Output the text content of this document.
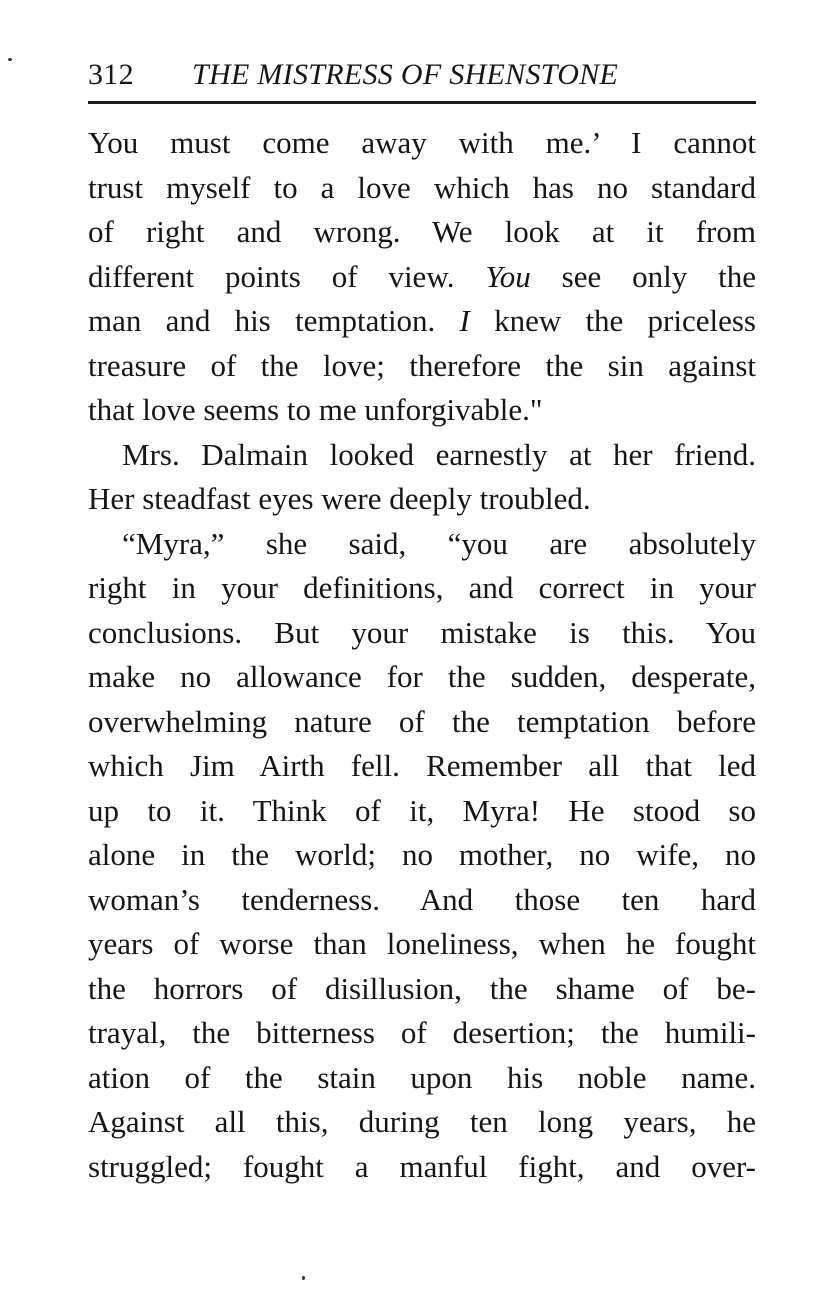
312 THE MISTRESS OF SHENSTONE
You must come away with me.’ I cannot
trust myself to a love which has no standard
of right and wrong. We look at it from
different points of view. You see only the
man and his temptation. I knew the priceless
treasure of the love; therefore the sin against
that love seems to me unforgivable."
Mrs. Dalmain looked earnestly at her friend.
Her steadfast eyes were deeply troubled.
“Myra,” she said, “you are absolutely
right in your definitions, and correct in your
conclusions. But your mistake is this. You
make no allowance for the sudden, desperate,
overwhelming nature of the temptation before
which Jim Airth fell. Remember all that led
up to it. Think of it, Myra! He stood so
alone in the world; no mother, no wife, no
woman’s tenderness. And those ten hard
years of worse than loneliness, when he fought
the horrors of disillusion, the shame of be-
trayal, the bitterness of desertion; the humili-
ation of the stain upon his noble name.
Against all this, during ten long years, he
struggled; fought a manful fight, and over-
